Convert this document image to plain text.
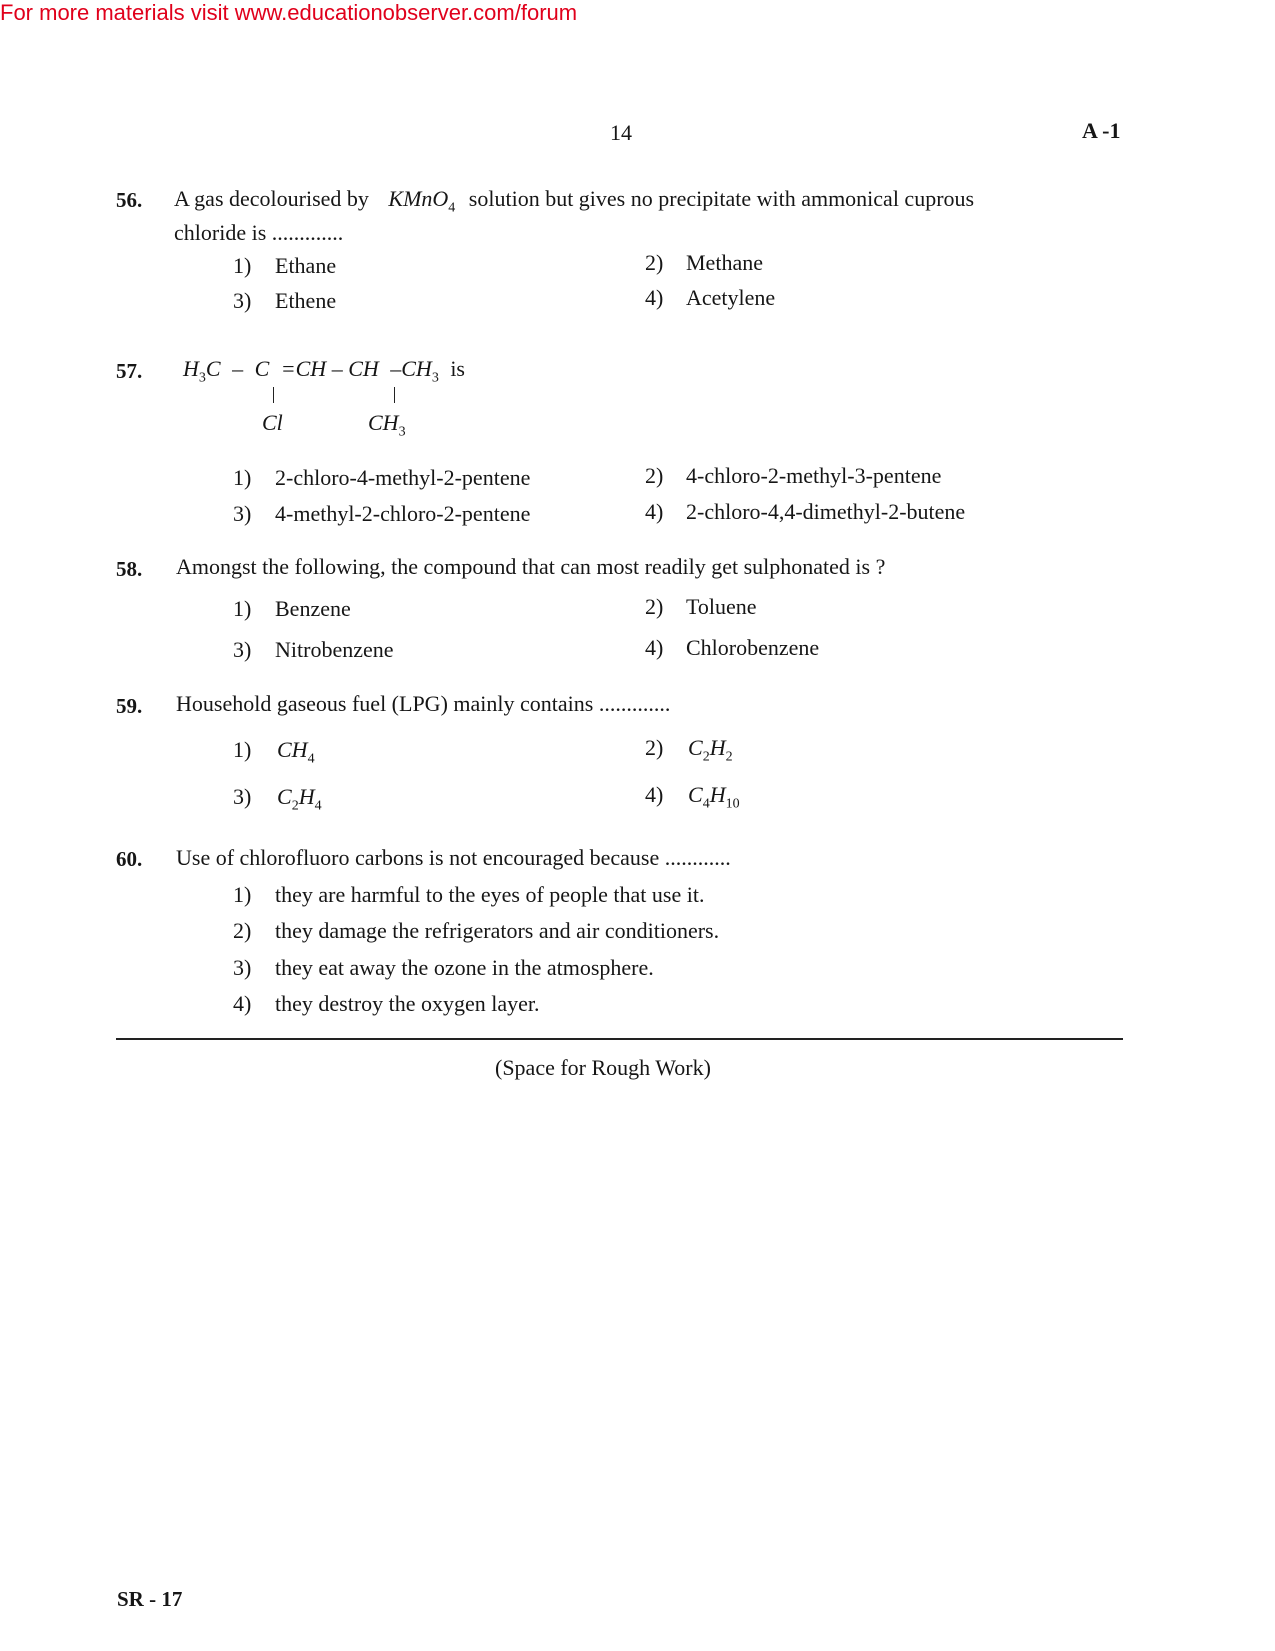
For more materials visit www.educationobserver.com/forum
14	A -1
56. A gas decolourised by KMnO$_4$ solution but gives no precipitate with ammonical cuprous
chloride is .............
1) Ethane	2) Methane
3) Ethene	4) Acetylene
57. $H_3C - C =CH$ – CH $-CH_3$ is
Cl	$CH_3$
1) 2-chloro-4-methyl-2-pentene	2) 4-chloro-2-methyl-3-pentene
3) 4-methyl-2-chloro-2-pentene	4) 2-chloro-4,4-dimethyl-2-butene
58. Amongst the following, the compound that can most readily get sulphonated is ?
1) Benzene	2) Toluene
3) Nitrobenzene	4) Chlorobenzene
59. Household gaseous fuel (LPG) mainly contains .............
1) $CH_4$	2) $C_2H_2$
3) $C_2H_4$	4) $C_4H_{10}$
60. Use of chlorofluoro carbons is not encouraged because ............
1) they are harmful to the eyes of people that use it.
2) they damage the refrigerators and air conditioners.
3) they eat away the ozone in the atmosphere.
4) they destroy the oxygen layer.
(Space for Rough Work)
SR - 17
